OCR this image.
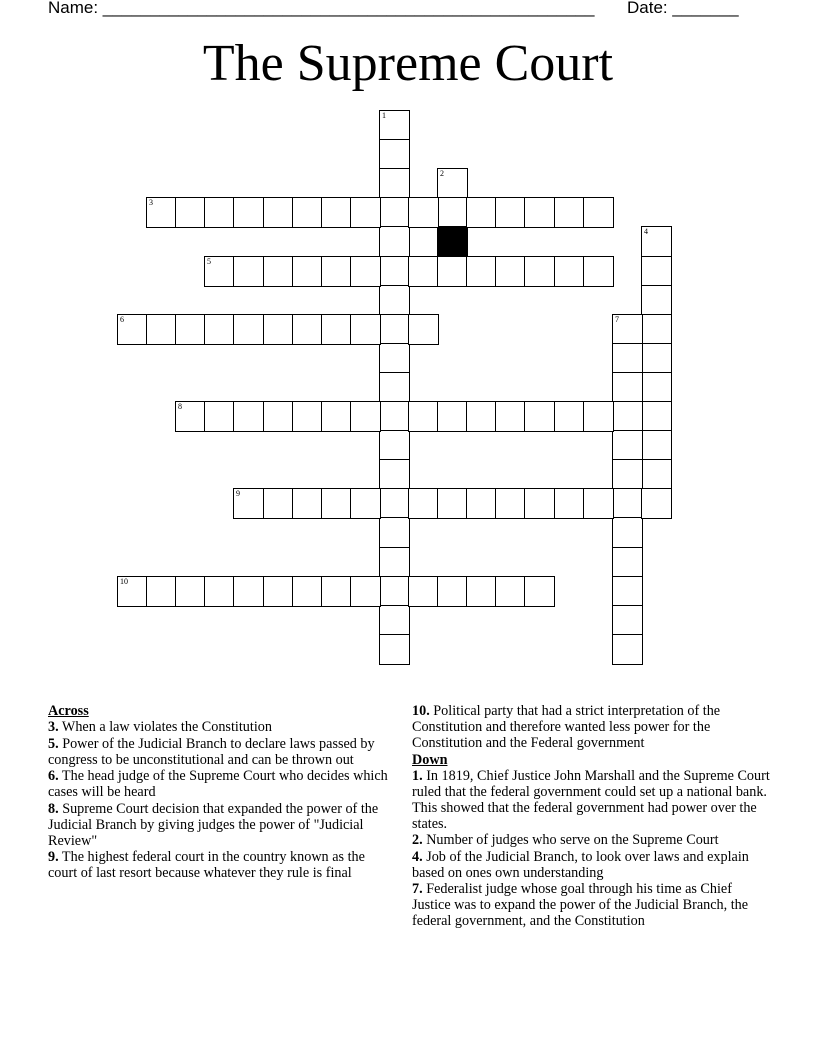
Name: ____________________________________________________ Date: _______
The Supreme Court
1
2
3
4
5
6	7
8
9
10
Across
3. When a law violates the Constitution
5. Power of the Judicial Branch to declare laws passed by congress to be unconstitutional and can be thrown out
6. The head judge of the Supreme Court who decides which cases will be heard
8. Supreme Court decision that expanded the power of the Judicial Branch by giving judges the power of "Judicial Review"
9. The highest federal court in the country known as the court of last resort because whatever they rule is final
10. Political party that had a strict interpretation of the Constitution and therefore wanted less power for the Constitution and the Federal government
Down
1. In 1819, Chief Justice John Marshall and the Supreme Court ruled that the federal government could set up a national bank. This showed that the federal government had power over the states.
2. Number of judges who serve on the Supreme Court
4. Job of the Judicial Branch, to look over laws and explain based on ones own understanding
7. Federalist judge whose goal through his time as Chief Justice was to expand the power of the Judicial Branch, the federal government, and the Constitution
